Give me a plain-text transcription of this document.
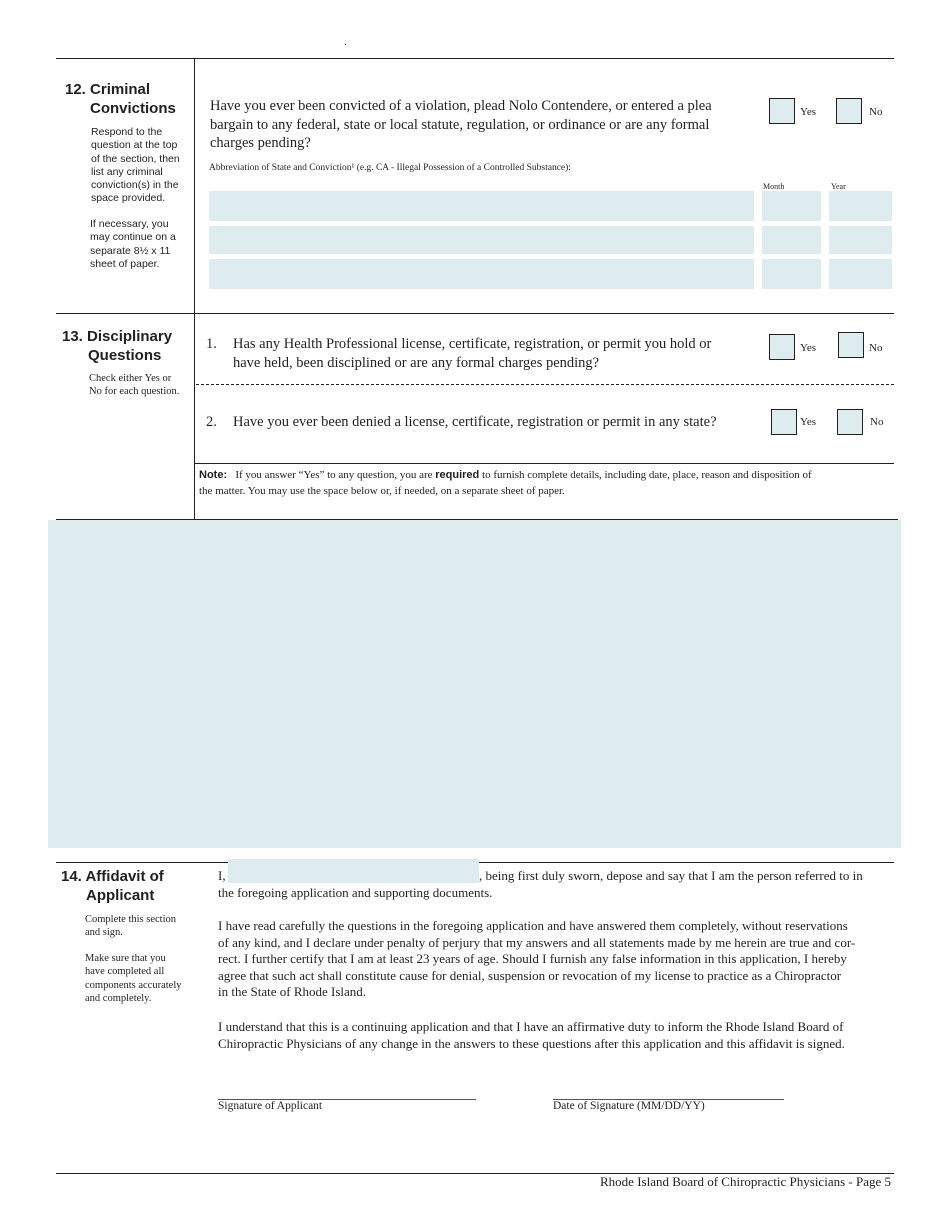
.
12. Criminal
Convictions
Respond to the
question at the top
of the section, then
list any criminal
conviction(s) in the
space provided.
If necessary, you
may continue on a
separate 8½ x 11
sheet of paper.
Have you ever been convicted of a violation, plead Nolo Contendere, or entered a plea
bargain to any federal, state or local statute, regulation, or ordinance or are any formal
charges pending?
Yes	No
Abbreviation of State and Conviction¹ (e.g. CA - Illegal Possession of a Controlled Substance):
Month	Year
13. Disciplinary
Questions
Check either Yes or
No for each question.
1. Has any Health Professional license, certificate, registration, or permit you hold or
have held, been disciplined or are any formal charges pending?
Yes	No
2. Have you ever been denied a license, certificate, registration or permit in any state?	Yes	No
Note: If you answer “Yes” to any question, you are required to furnish complete details, including date, place, reason and disposition of
the matter. You may use the space below or, if needed, on a separate sheet of paper.
14. Affidavit of
Applicant
Complete this section
and sign.
Make sure that you
have completed all
components accurately
and completely.
I,	, being first duly sworn, depose and say that I am the person referred to in
the foregoing application and supporting documents.
I have read carefully the questions in the foregoing application and have answered them completely, without reservations
of any kind, and I declare under penalty of perjury that my answers and all statements made by me herein are true and cor-
rect. I further certify that I am at least 23 years of age. Should I furnish any false information in this application, I hereby
agree that such act shall constitute cause for denial, suspension or revocation of my license to practice as a Chiropractor
in the State of Rhode Island.
I understand that this is a continuing application and that I have an affirmative duty to inform the Rhode Island Board of
Chiropractic Physicians of any change in the answers to these questions after this application and this affidavit is signed.
Signature of Applicant	Date of Signature (MM/DD/YY)
Rhode Island Board of Chiropractic Physicians - Page 5
